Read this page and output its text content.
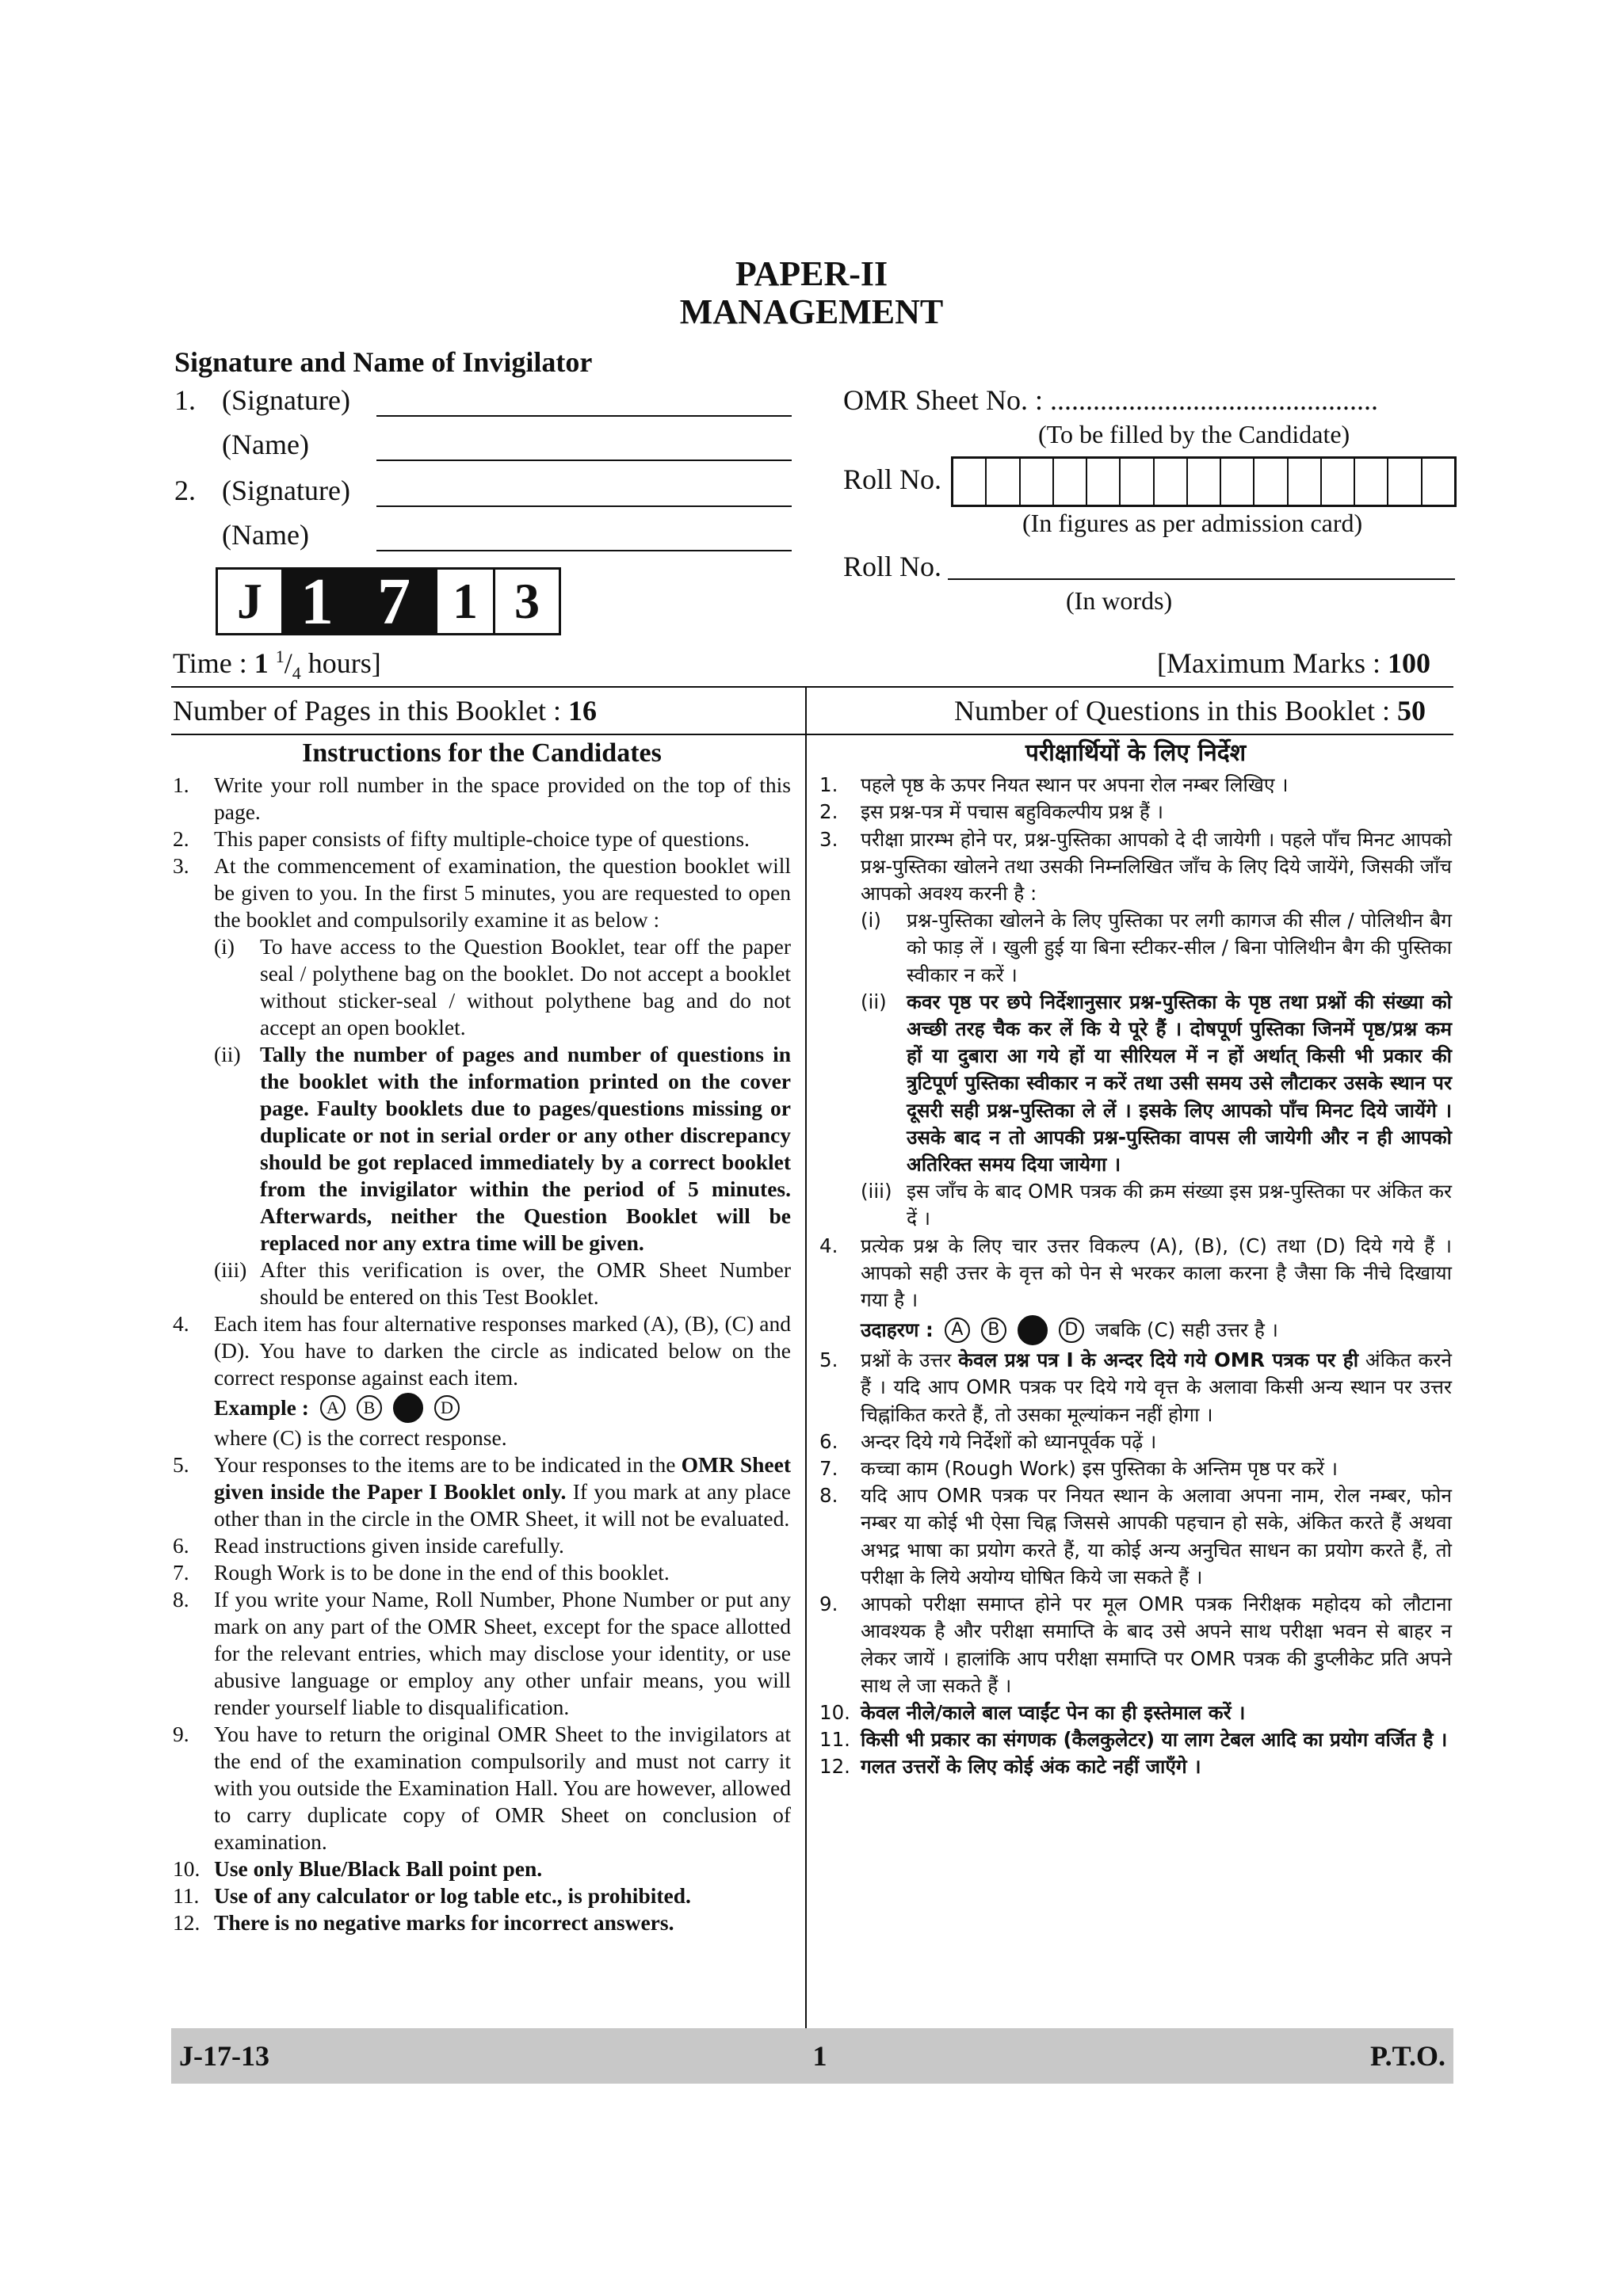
PAPER-II
MANAGEMENT
Signature and Name of Invigilator
1. (Signature)
(Name)
2. (Signature)
(Name)
J 1 7 1 3
OMR Sheet No. : ..............................................
(To be filled by the Candidate)
Roll No.
(In figures as per admission card)
Roll No.
(In words)
Time : 1 $^1/_4$ hours]	[Maximum Marks : 100
Number of Pages in this Booklet : 16	Number of Questions in this Booklet : 50
Instructions for the Candidates
1.	Write your roll number in the space provided on the top of this page.
2.	This paper consists of fifty multiple-choice type of questions.
3.	At the commencement of examination, the question booklet will be given to you. In the first 5 minutes, you are requested to open the booklet and compulsorily examine it as below :
(i)	To have access to the Question Booklet, tear off the paper seal / polythene bag on the booklet. Do not accept a booklet without sticker-seal / without polythene bag and do not accept an open booklet.
(ii) Tally the number of pages and number of questions in the booklet with the information printed on the cover page. Faulty booklets due to pages/questions missing or duplicate or not in serial order or any other discrepancy should be got replaced immediately by a correct booklet from the invigilator within the period of 5 minutes. Afterwards, neither the Question Booklet will be replaced nor any extra time will be given.
(iii) After this verification is over, the OMR Sheet Number should be entered on this Test Booklet.
4.	Each item has four alternative responses marked (A), (B), (C) and (D). You have to darken the circle as indicated below on the correct response against each item.
Example :	A	B	D
where (C) is the correct response.
5.	Your responses to the items are to be indicated in the OMR Sheet given inside the Paper I Booklet only. If you mark at any place other than in the circle in the OMR Sheet, it will not be evaluated.
6.	Read instructions given inside carefully.
7.	Rough Work is to be done in the end of this booklet.
8.	If you write your Name, Roll Number, Phone Number or put any mark on any part of the OMR Sheet, except for the space allotted for the relevant entries, which may disclose your identity, or use abusive language or employ any other unfair means, you will render yourself liable to disqualification.
9.	You have to return the original OMR Sheet to the invigilators at the end of the examination compulsorily and must not carry it with you outside the Examination Hall. You are however, allowed to carry duplicate copy of OMR Sheet on conclusion of examination.
10. Use only Blue/Black Ball point pen.
11. Use of any calculator or log table etc., is prohibited.
12. There is no negative marks for incorrect answers.
परीक्षार्थियों के लिए निर्देश
1.	पहले पृष्ठ के ऊपर नियत स्थान पर अपना रोल नम्बर लिखिए ।
2.	इस प्रश्न-पत्र में पचास बहुविकल्पीय प्रश्न हैं ।
3.	परीक्षा प्रारम्भ होने पर, प्रश्न-पुस्तिका आपको दे दी जायेगी । पहले पाँच मिनट आपको प्रश्न-पुस्तिका खोलने तथा उसकी निम्नलिखित जाँच के लिए दिये जायेंगे, जिसकी जाँच आपको अवश्य करनी है :
(i)	प्रश्न-पुस्तिका खोलने के लिए पुस्तिका पर लगी कागज की सील / पोलिथीन बैग को फाड़ लें । खुली हुई या बिना स्टीकर-सील / बिना पोलिथीन बैग की पुस्तिका स्वीकार न करें ।
(ii)	कवर पृष्ठ पर छपे निर्देशानुसार प्रश्न-पुस्तिका के पृष्ठ तथा प्रश्नों की संख्या को अच्छी तरह चैक कर लें कि ये पूरे हैं । दोषपूर्ण पुस्तिका जिनमें पृष्ठ/प्रश्न कम हों या दुबारा आ गये हों या सीरियल में न हों अर्थात् किसी भी प्रकार की त्रुटिपूर्ण पुस्तिका स्वीकार न करें तथा उसी समय उसे लौटाकर उसके स्थान पर दूसरी सही प्रश्न-पुस्तिका ले लें । इसके लिए आपको पाँच मिनट दिये जायेंगे । उसके बाद न तो आपकी प्रश्न-पुस्तिका वापस ली जायेगी और न ही आपको अतिरिक्त समय दिया जायेगा ।
(iii) इस जाँच के बाद OMR पत्रक की क्रम संख्या इस प्रश्न-पुस्तिका पर अंकित कर दें ।
4.	प्रत्येक प्रश्न के लिए चार उत्तर विकल्प (A), (B), (C) तथा (D) दिये गये हैं । आपको सही उत्तर के वृत्त को पेन से भरकर काला करना है जैसा कि नीचे दिखाया गया है ।
उदाहरण :	A	B	D जबकि (C) सही उत्तर है ।
5.	प्रश्नों के उत्तर केवल प्रश्न पत्र I के अन्दर दिये गये OMR पत्रक पर ही अंकित करने हैं । यदि आप OMR पत्रक पर दिये गये वृत्त के अलावा किसी अन्य स्थान पर उत्तर चिह्नांकित करते हैं, तो उसका मूल्यांकन नहीं होगा ।
6.	अन्दर दिये गये निर्देशों को ध्यानपूर्वक पढ़ें ।
7.	कच्चा काम (Rough Work) इस पुस्तिका के अन्तिम पृष्ठ पर करें ।
8.	यदि आप OMR पत्रक पर नियत स्थान के अलावा अपना नाम, रोल नम्बर, फोन नम्बर या कोई भी ऐसा चिह्न जिससे आपकी पहचान हो सके, अंकित करते हैं अथवा अभद्र भाषा का प्रयोग करते हैं, या कोई अन्य अनुचित साधन का प्रयोग करते हैं, तो परीक्षा के लिये अयोग्य घोषित किये जा सकते हैं ।
9.	आपको परीक्षा समाप्त होने पर मूल OMR पत्रक निरीक्षक महोदय को लौटाना आवश्यक है और परीक्षा समाप्ति के बाद उसे अपने साथ परीक्षा भवन से बाहर न लेकर जायें । हालांकि आप परीक्षा समाप्ति पर OMR पत्रक की डुप्लीकेट प्रति अपने साथ ले जा सकते हैं ।
10. केवल नीले/काले बाल प्वाईंट पेन का ही इस्तेमाल करें ।
11. किसी भी प्रकार का संगणक (कैलकुलेटर) या लाग टेबल आदि का प्रयोग वर्जित है ।
12. गलत उत्तरों के लिए कोई अंक काटे नहीं जाएँगे ।
J-17-13	1	P.T.O.
